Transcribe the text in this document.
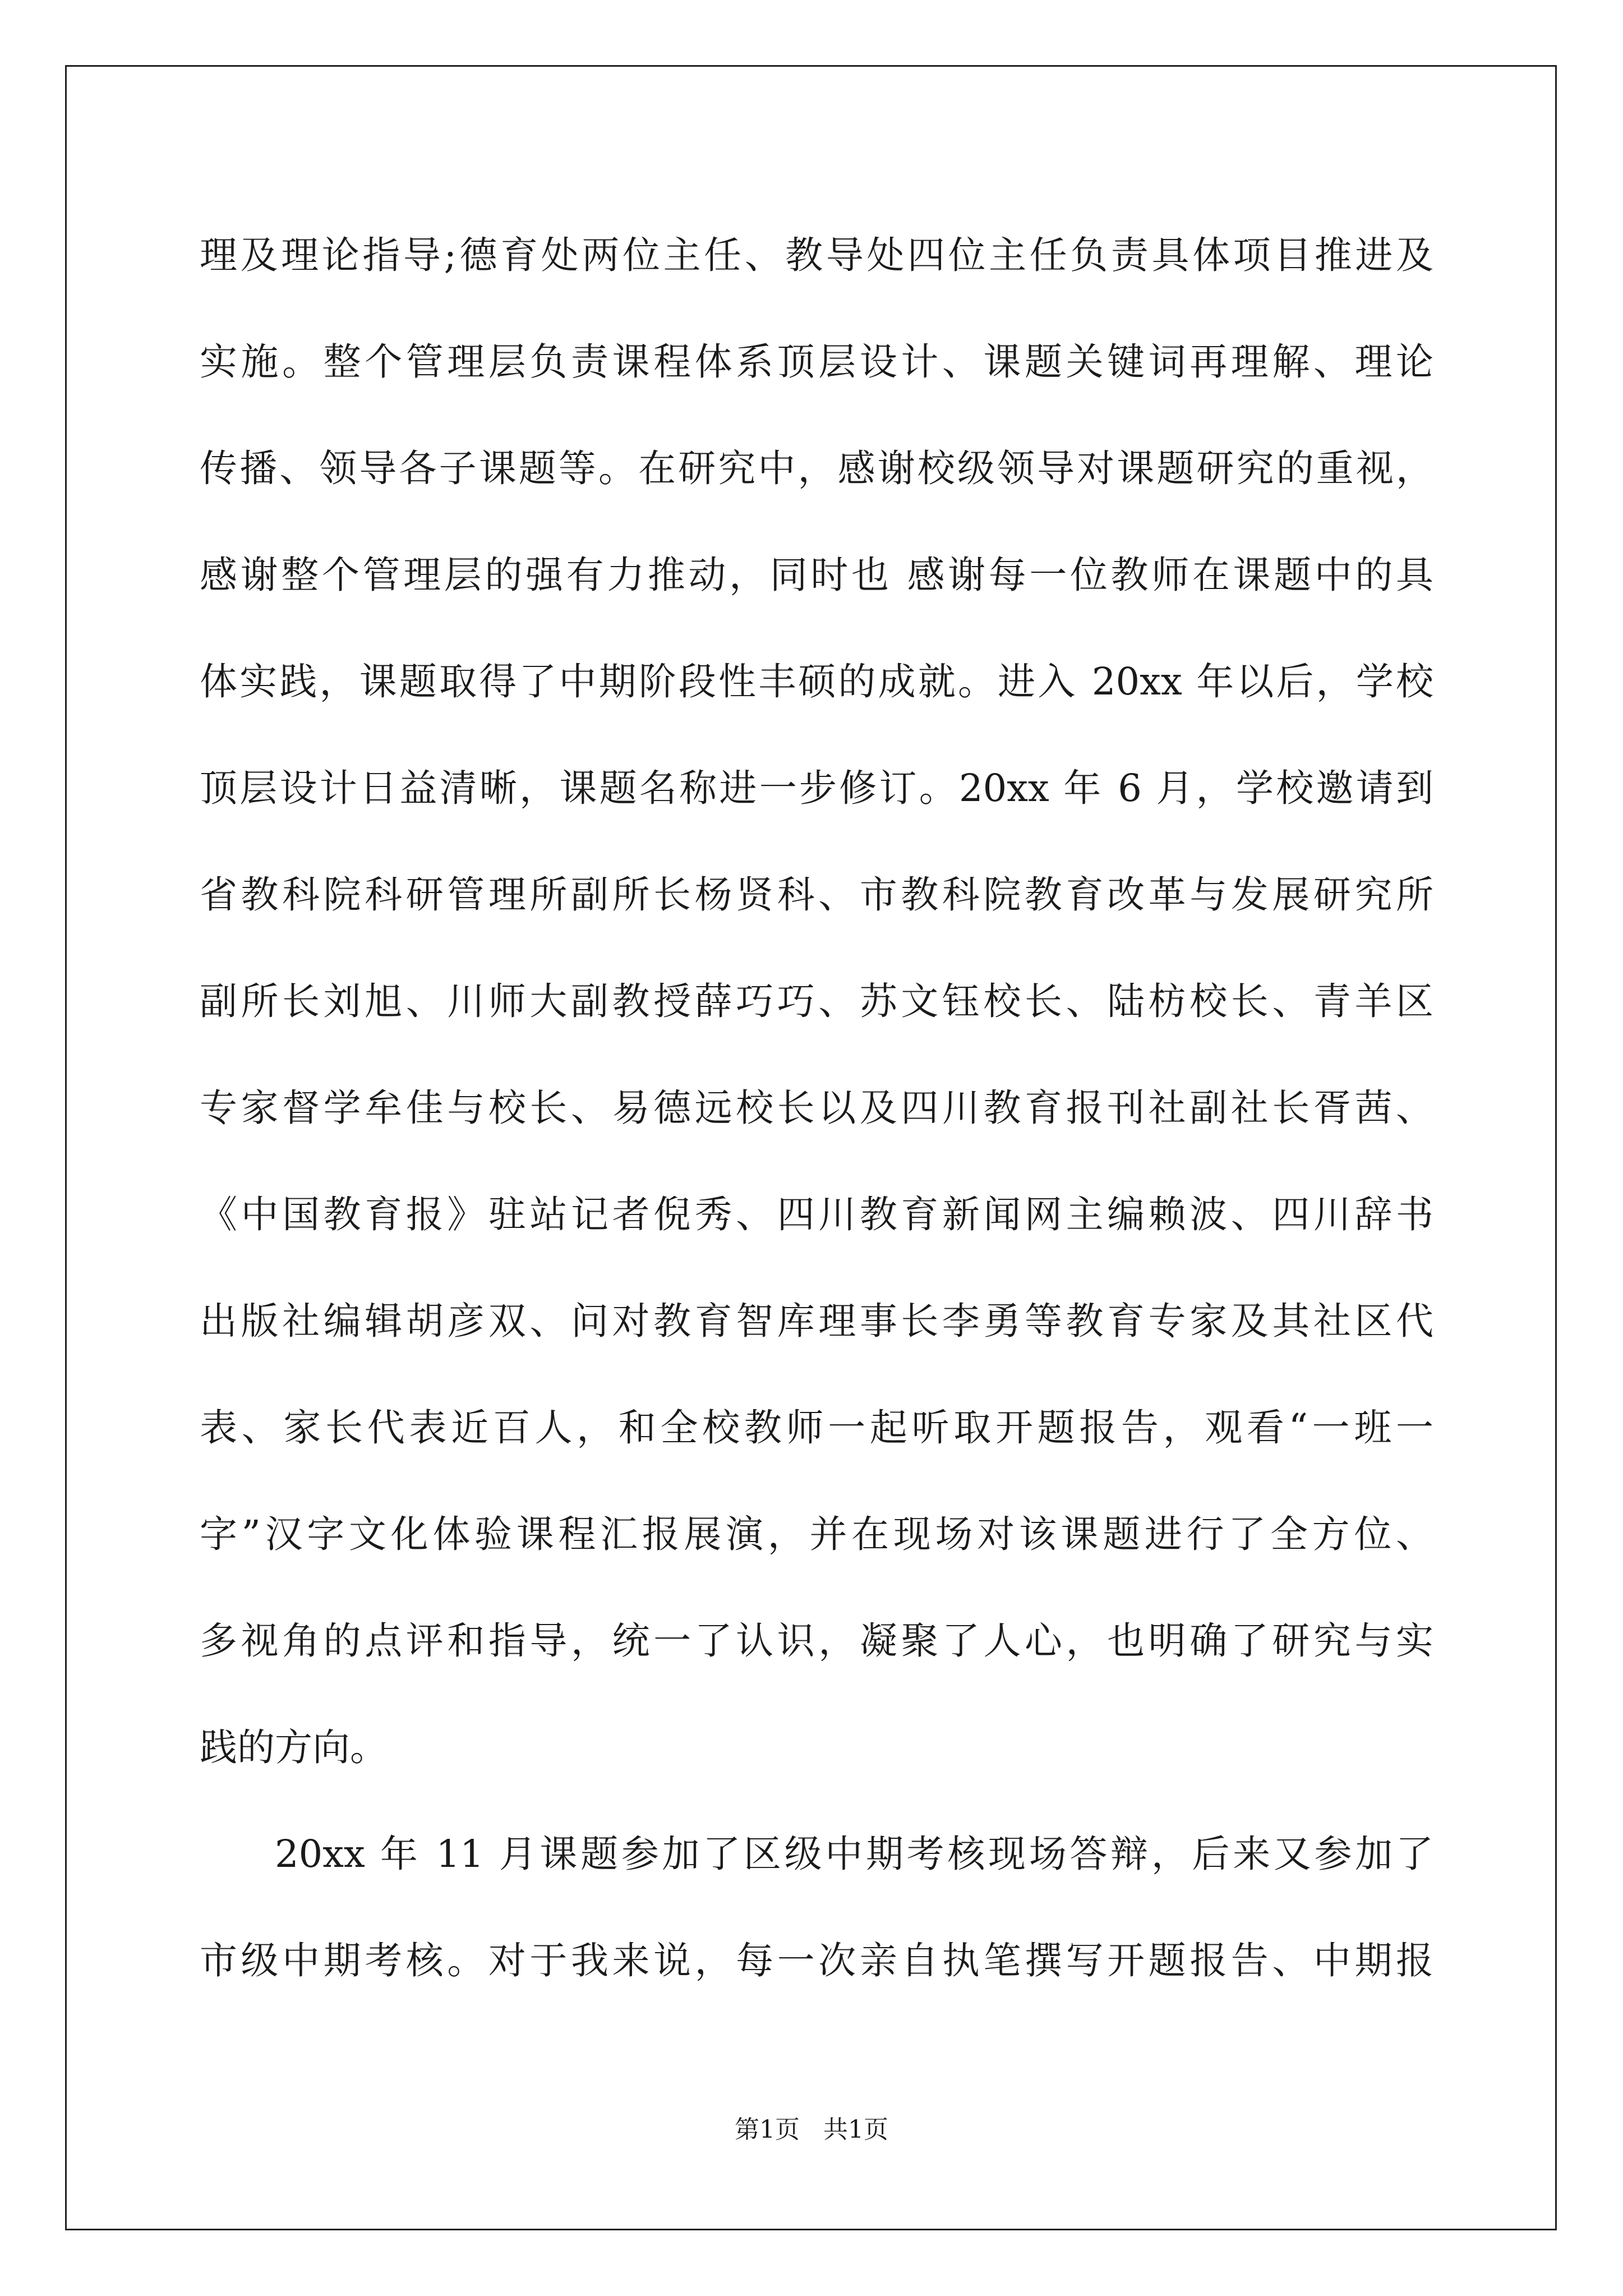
理及理论指导;德育处两位主任、教导处四位主任负责具体项目推进及
实施。整个管理层负责课程体系顶层设计、课题关键词再理解、理论
传播、领导各子课题等。在研究中，感谢校级领导对课题研究的重视，
感谢整个管理层的强有力推动，同时也 感谢每一位教师在课题中的具
体实践，课题取得了中期阶段性丰硕的成就。进入 20xx 年以后，学校
顶层设计日益清晰，课题名称进一步修订。20xx 年 6 月，学校邀请到
省教科院科研管理所副所长杨贤科、市教科院教育改革与发展研究所
副所长刘旭、川师大副教授薛巧巧、苏文钰校长、陆枋校长、青羊区
专家督学牟佳与校长、易德远校长以及四川教育报刊社副社长胥茜、
《中国教育报》驻站记者倪秀、四川教育新闻网主编赖波、四川辞书
出版社编辑胡彦双、问对教育智库理事长李勇等教育专家及其社区代
表、家长代表近百人，和全校教师一起听取开题报告，观看“一班一
字”汉字文化体验课程汇报展演，并在现场对该课题进行了全方位、
多视角的点评和指导，统一了认识，凝聚了人心，也明确了研究与实
践的方向。
20xx 年 11 月课题参加了区级中期考核现场答辩，后来又参加了
市级中期考核。对于我来说，每一次亲自执笔撰写开题报告、中期报
第1页 共1页
